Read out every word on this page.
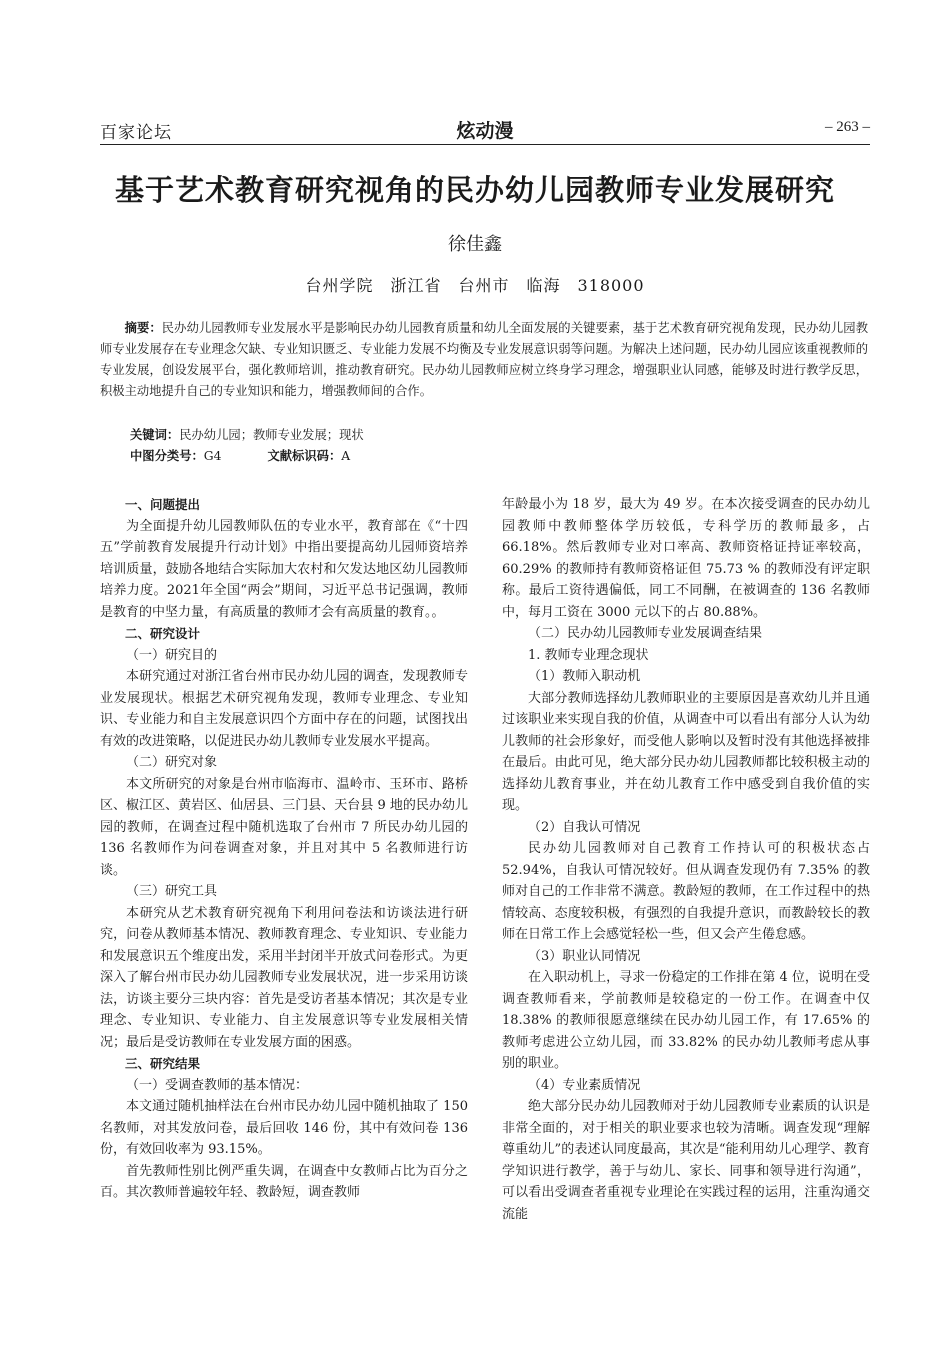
百家论坛	炫动漫	– 263 –
基于艺术教育研究视角的民办幼儿园教师专业发展研究
徐佳鑫
台州学院　浙江省　台州市　临海　318000
摘要：民办幼儿园教师专业发展水平是影响民办幼儿园教育质量和幼儿全面发展的关键要素，基于艺术教育研究视角发现，民办幼儿园教师专业发展存在专业理念欠缺、专业知识匮乏、专业能力发展不均衡及专业发展意识弱等问题。为解决上述问题，民办幼儿园应该重视教师的专业发展，创设发展平台，强化教师培训，推动教育研究。民办幼儿园教师应树立终身学习理念，增强职业认同感，能够及时进行教学反思，积极主动地提升自己的专业知识和能力，增强教师间的合作。
关键词：民办幼儿园；教师专业发展；现状
中图分类号：G4	文献标识码：A

一、问题提出

为全面提升幼儿园教师队伍的专业水平，教育部在《“十四五”学前教育发展提升行动计划》中指出要提高幼儿园师资培养培训质量，鼓励各地结合实际加大农村和欠发达地区幼儿园教师培养力度。2021年全国“两会”期间，习近平总书记强调，教师是教育的中坚力量，有高质量的教师才会有高质量的教育。。

二、研究设计

（一）研究目的

本研究通过对浙江省台州市民办幼儿园的调查，发现教师专业发展现状。根据艺术研究视角发现，教师专业理念、专业知识、专业能力和自主发展意识四个方面中存在的问题，试图找出有效的改进策略，以促进民办幼儿教师专业发展水平提高。

（二）研究对象

本文所研究的对象是台州市临海市、温岭市、玉环市、路桥区、椒江区、黄岩区、仙居县、三门县、天台县 9 地的民办幼儿园的教师，在调查过程中随机选取了台州市 7 所民办幼儿园的 136 名教师作为问卷调查对象，并且对其中 5 名教师进行访谈。

（三）研究工具

本研究从艺术教育研究视角下利用问卷法和访谈法进行研究，问卷从教师基本情况、教师教育理念、专业知识、专业能力和发展意识五个维度出发，采用半封闭半开放式问卷形式。为更深入了解台州市民办幼儿园教师专业发展状况，进一步采用访谈法，访谈主要分三块内容：首先是受访者基本情况；其次是专业理念、专业知识、专业能力、自主发展意识等专业发展相关情况；最后是受访教师在专业发展方面的困惑。

三、研究结果

（一）受调查教师的基本情况：

本文通过随机抽样法在台州市民办幼儿园中随机抽取了 150 名教师，对其发放问卷，最后回收 146 份，其中有效问卷 136 份，有效回收率为 93.15%。

首先教师性别比例严重失调，在调查中女教师占比为百分之百。其次教师普遍较年轻、教龄短，调查教师

年龄最小为 18 岁，最大为 49 岁。在本次接受调查的民办幼儿园教师中教师整体学历较低，专科学历的教师最多，占 66.18%。然后教师专业对口率高、教师资格证持证率较高，60.29% 的教师持有教师资格证但 75.73 % 的教师没有评定职称。最后工资待遇偏低，同工不同酬，在被调查的 136 名教师中，每月工资在 3000 元以下的占 80.88%。

（二）民办幼儿园教师专业发展调查结果

1. 教师专业理念现状

（1）教师入职动机

大部分教师选择幼儿教师职业的主要原因是喜欢幼儿并且通过该职业来实现自我的价值，从调查中可以看出有部分人认为幼儿教师的社会形象好，而受他人影响以及暂时没有其他选择被排在最后。由此可见，绝大部分民办幼儿园教师都比较积极主动的选择幼儿教育事业，并在幼儿教育工作中感受到自我价值的实现。

（2）自我认可情况

民办幼儿园教师对自己教育工作持认可的积极状态占 52.94%，自我认可情况较好。但从调查发现仍有 7.35% 的教师对自己的工作非常不满意。教龄短的教师，在工作过程中的热情较高、态度较积极，有强烈的自我提升意识，而教龄较长的教师在日常工作上会感觉轻松一些，但又会产生倦怠感。

（3）职业认同情况

在入职动机上，寻求一份稳定的工作排在第 4 位，说明在受调查教师看来，学前教师是较稳定的一份工作。在调查中仅 18.38% 的教师很愿意继续在民办幼儿园工作，有 17.65% 的教师考虑进公立幼儿园，而 33.82% 的民办幼儿教师考虑从事别的职业。

（4）专业素质情况

绝大部分民办幼儿园教师对于幼儿园教师专业素质的认识是非常全面的，对于相关的职业要求也较为清晰。调查发现“理解尊重幼儿”的表述认同度最高，其次是“能利用幼儿心理学、教育学知识进行教学，善于与幼儿、家长、同事和领导进行沟通”，可以看出受调查者重视专业理论在实践过程的运用，注重沟通交流能
